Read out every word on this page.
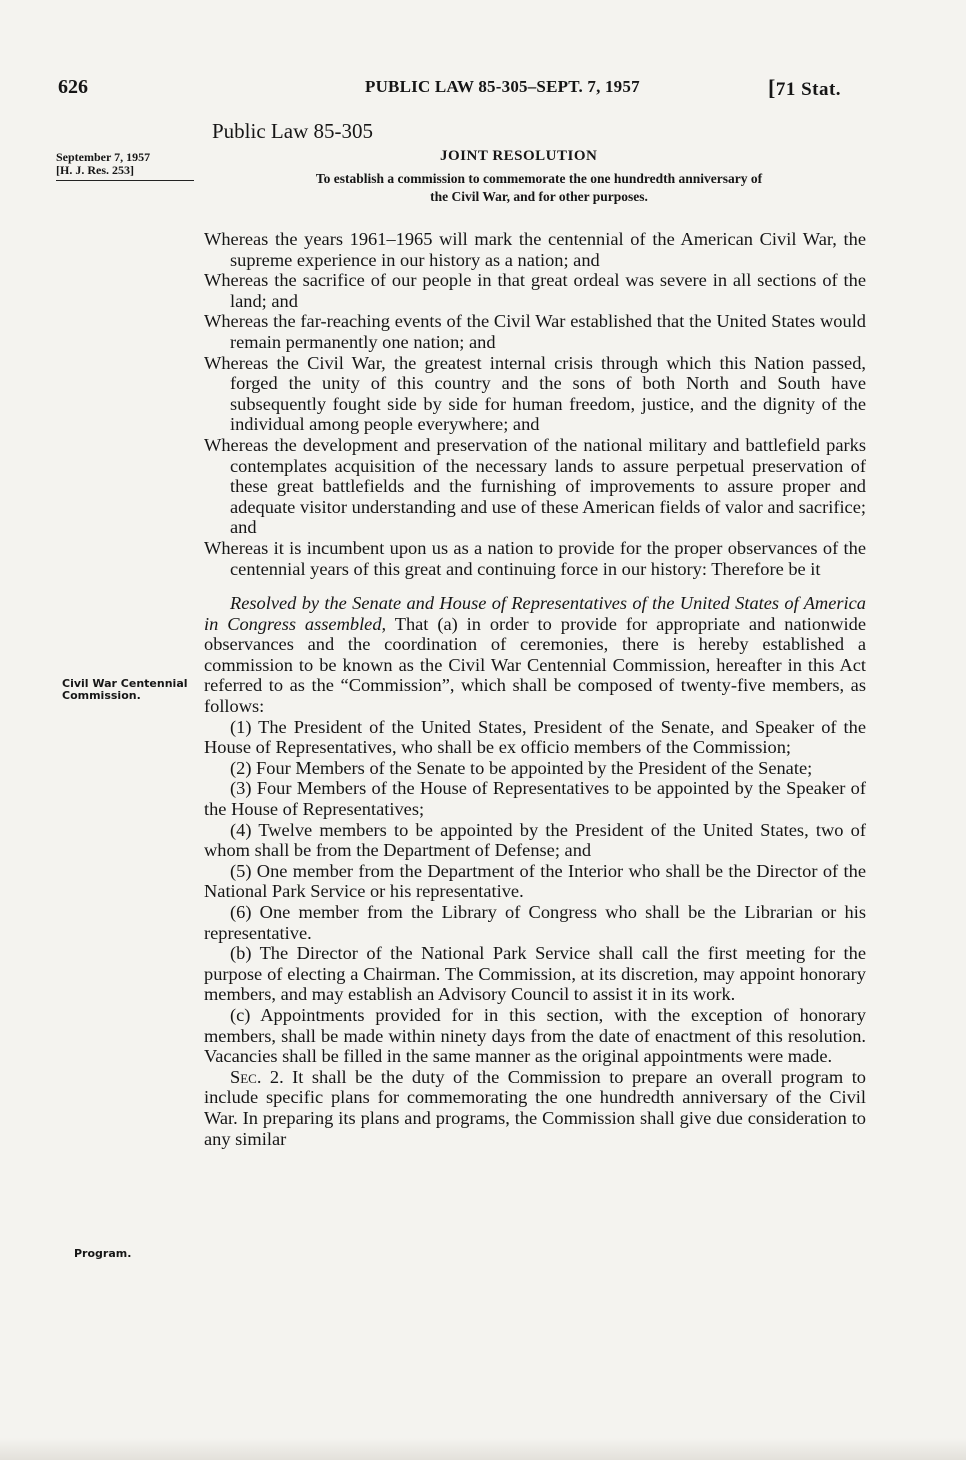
626	PUBLIC LAW 85-305–SEPT. 7, 1957	[71 Stat.
Public Law 85-305
September 7, 1957
[H. J. Res. 253]
JOINT RESOLUTION
To establish a commission to commemorate the one hundredth anniversary of
the Civil War, and for other purposes.
Civil War Centennial Commission.
Program.

Whereas the years 1961–1965 will mark the centennial of the American Civil War, the supreme experience in our history as a nation; and

Whereas the sacrifice of our people in that great ordeal was severe in all sections of the land; and

Whereas the far-reaching events of the Civil War established that the United States would remain permanently one nation; and

Whereas the Civil War, the greatest internal crisis through which this Nation passed, forged the unity of this country and the sons of both North and South have subsequently fought side by side for human freedom, justice, and the dignity of the individual among people everywhere; and

Whereas the development and preservation of the national military and battlefield parks contemplates acquisition of the necessary lands to assure perpetual preservation of these great battlefields and the furnishing of improvements to assure proper and adequate visitor understanding and use of these American fields of valor and sacrifice; and

Whereas it is incumbent upon us as a nation to provide for the proper observances of the centennial years of this great and continuing force in our history: Therefore be it

Resolved by the Senate and House of Representatives of the United States of America in Congress assembled, That (a) in order to provide for appropriate and nationwide observances and the coordination of ceremonies, there is hereby established a commission to be known as the Civil War Centennial Commission, hereafter in this Act referred to as the “Commission”, which shall be composed of twenty-five members, as follows:

(1) The President of the United States, President of the Senate, and Speaker of the House of Representatives, who shall be ex officio members of the Commission;

(2) Four Members of the Senate to be appointed by the President of the Senate;

(3) Four Members of the House of Representatives to be appointed by the Speaker of the House of Representatives;

(4) Twelve members to be appointed by the President of the United States, two of whom shall be from the Department of Defense; and

(5) One member from the Department of the Interior who shall be the Director of the National Park Service or his representative.

(6) One member from the Library of Congress who shall be the Librarian or his representative.

(b) The Director of the National Park Service shall call the first meeting for the purpose of electing a Chairman. The Commission, at its discretion, may appoint honorary members, and may establish an Advisory Council to assist it in its work.

(c) Appointments provided for in this section, with the exception of honorary members, shall be made within ninety days from the date of enactment of this resolution. Vacancies shall be filled in the same manner as the original appointments were made.

Sec. 2. It shall be the duty of the Commission to prepare an overall program to include specific plans for commemorating the one hundredth anniversary of the Civil War. In preparing its plans and programs, the Commission shall give due consideration to any similar
